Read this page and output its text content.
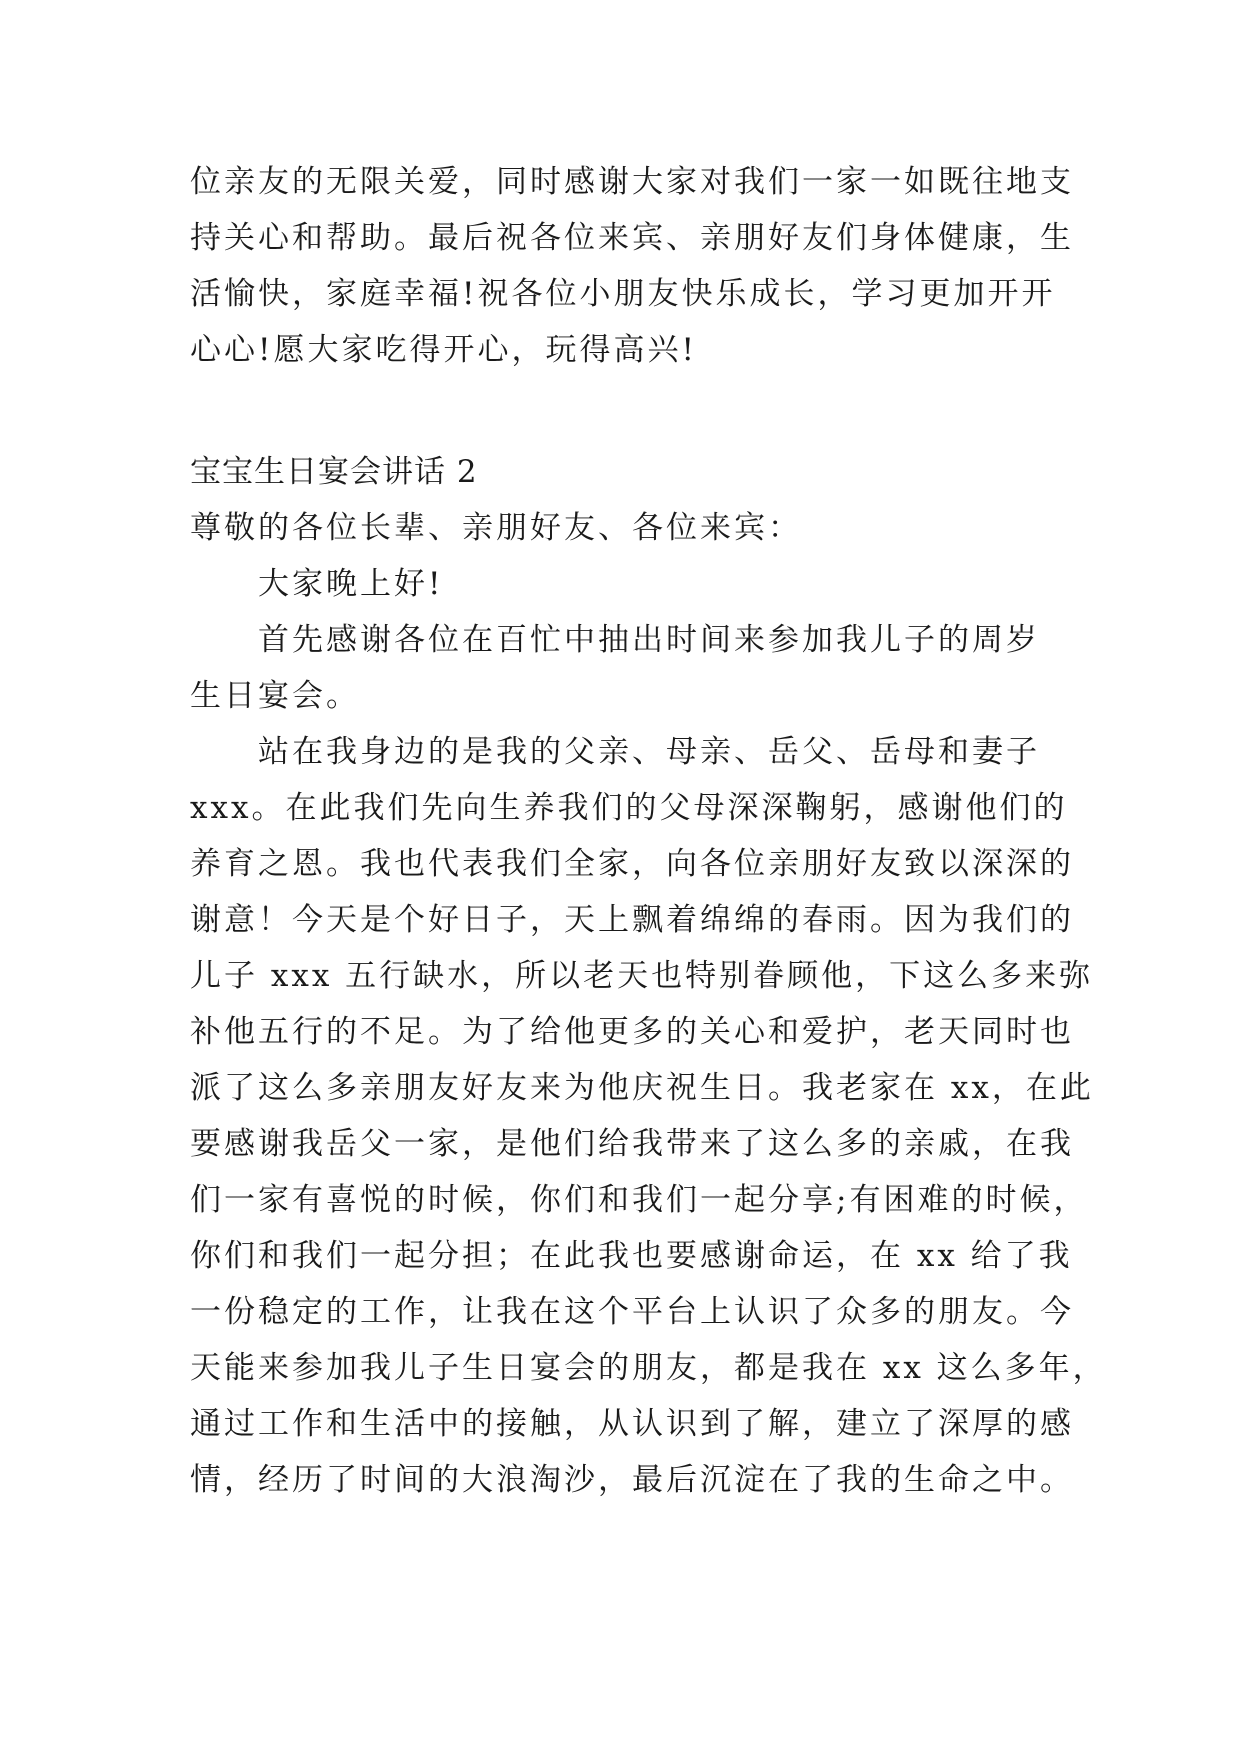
位亲友的无限关爱，同时感谢大家对我们一家一如既往地支
持关心和帮助。最后祝各位来宾、亲朋好友们身体健康，生
活愉快，家庭幸福!祝各位小朋友快乐成长，学习更加开开
心心!愿大家吃得开心，玩得高兴!
宝宝生日宴会讲话 2
尊敬的各位长辈、亲朋好友、各位来宾：
大家晚上好!
首先感谢各位在百忙中抽出时间来参加我儿子的周岁
生日宴会。
站在我身边的是我的父亲、母亲、岳父、岳母和妻子
xxx。在此我们先向生养我们的父母深深鞠躬，感谢他们的
养育之恩。我也代表我们全家，向各位亲朋好友致以深深的
谢意！今天是个好日子，天上飘着绵绵的春雨。因为我们的
儿子 xxx 五行缺水，所以老天也特别眷顾他，下这么多来弥
补他五行的不足。为了给他更多的关心和爱护，老天同时也
派了这么多亲朋友好友来为他庆祝生日。我老家在 xx，在此
要感谢我岳父一家，是他们给我带来了这么多的亲戚，在我
们一家有喜悦的时候，你们和我们一起分享;有困难的时候，
你们和我们一起分担；在此我也要感谢命运，在 xx 给了我
一份稳定的工作，让我在这个平台上认识了众多的朋友。今
天能来参加我儿子生日宴会的朋友，都是我在 xx 这么多年，
通过工作和生活中的接触，从认识到了解，建立了深厚的感
情，经历了时间的大浪淘沙，最后沉淀在了我的生命之中。
